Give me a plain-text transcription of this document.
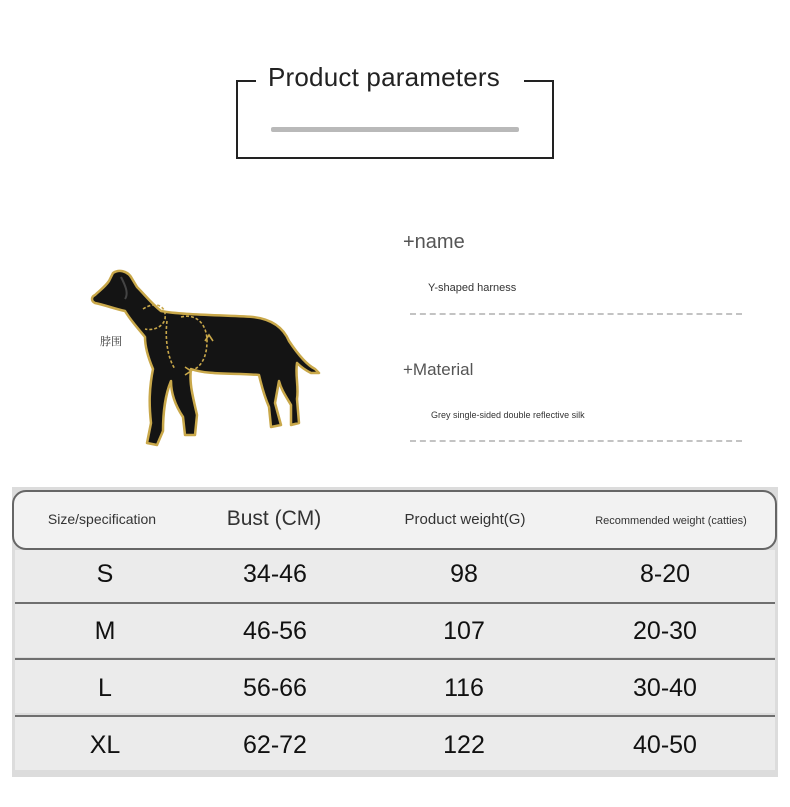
Product parameters
脖围
+name
Y-shaped harness
+Material
Grey single-sided double reflective silk
Size/specification	Bust (CM)	Product weight(G)	Recommended weight (catties)
S	34-46	98	8-20
M	46-56	107	20-30
L	56-66	116	30-40
XL	62-72	122	40-50
